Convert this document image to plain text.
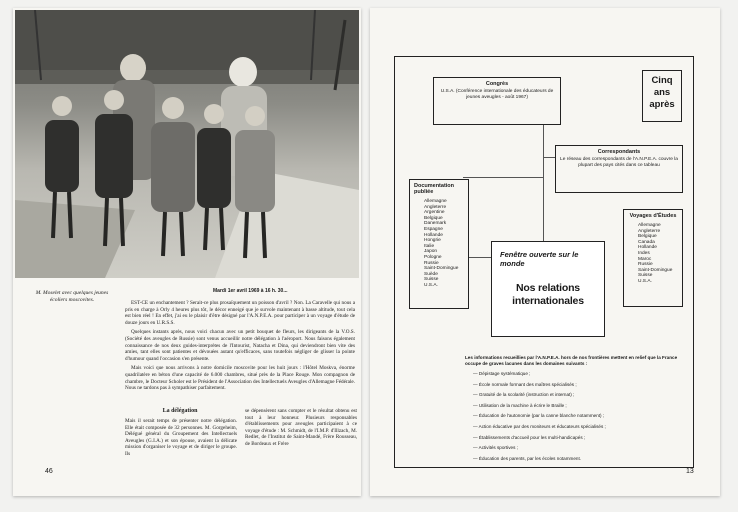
M. Moselet avec quelques jeunes écoliers moscovites.
Mardi 1er avril 1969 à 16 h. 30...

EST-CE un enchantement ? Serait-ce plus prosaïquement un poisson d'avril ? Non. La Caravelle qui nous a pris en charge à Orly 4 heures plus tôt, le décor enneigé que je survole maintenant à basse altitude, tout cela est bien réel ! En effet, j'ai eu le plaisir d'être désigné par l'A.N.P.E.A. pour participer à un voyage d'étude de douze jours en U.R.S.S.

Quelques instants après, nous voici chacun avec un petit bouquet de fleurs, les dirigeants de la V.O.S. (Société des aveugles de Russie) sont venus accueillir notre délégation à l'aéroport. Nous faisons également connaissance de nos deux guides-interprètes de l'Intourist, Natacha et Dina, qui deviendront bien vite des amies, tant elles sont patientes et dévouées autant qu'efficaces, sans toutefois négliger de glisser la pointe d'humour quand l'occasion s'en présente.

Mais voici que nous arrivons à notre domicile moscovite pour les huit jours : l'Hôtel Moskva, énorme quadrilatère en béton d'une capacité de 6.000 chambres, situé près de la Place Rouge. Mon compagnon de chambre, le Docteur Scholer est le Président de l'Association des Intellectuels Aveugles d'Allemagne Fédérale. Nous ne tardons pas à sympathiser parfaitement.

La délégation
Mais il serait temps de présenter notre délégation. Elle était composée de 32 personnes. M. Gorgeheim, Délégué général du Groupement des Intellectuels Aveugles (G.I.A.) et son épouse, avaient la délicate mission d'organiser le voyage et de diriger le groupe. Ils
se dépensèrent sans compter et le résultat obtenu est tout à leur honneur. Plusieurs responsables d'établissements pour aveugles participaient à ce voyage d'étude : M. Schmidt, de l'I.M.P. d'Illzach, M. Redlet, de l'Institut de Saint-Mandé, Frère Rousseau, de Bordeaux et Frère
46
Congrès
U.S.A. (Conférence internationale des éducateurs de jeunes aveugles - août 1967)
Correspondants
Le réseau des correspondants de l'A.N.P.E.A. couvre la plupart des pays cités dans ce tableau
Documentation
publiée
Allemagne
Angleterre
Argentine
Belgique
Danemark
Espagne
Hollande
Hongrie
Italie
Japon
Pologne
Russie
Saint-Domingue
Suède
Suisse
U.S.A.
Voyages d'Études
Allemagne
Angleterre
Belgique
Canada
Hollande
Indes
Maroc
Russie
Saint-Domingue
Suisse
U.S.A.
Fenêtre ouverte sur le monde
Nos relations internationales
Les informations recueillies par l'A.N.P.E.A. hors de nos frontières mettent en relief que la France occupe de graves lacunes dans les domaines suivants :
— Dépistage systématique ;
— École normale formant des maîtres spécialisés ;
— Gratuité de la scolarité (instruction et internat) ;
— Utilisation de la machine à écrire le Braille ;
— Éducation de l'autonomie (par la canne blanche notamment) ;
— Action éducative par des moniteurs et éducateurs spécialisés ;
— Établissements d'accueil pour les multi-handicapés ;
— Activités sportives ;
— Éducation des parents, par les écoles notamment.
Cinq
ans
après
13
